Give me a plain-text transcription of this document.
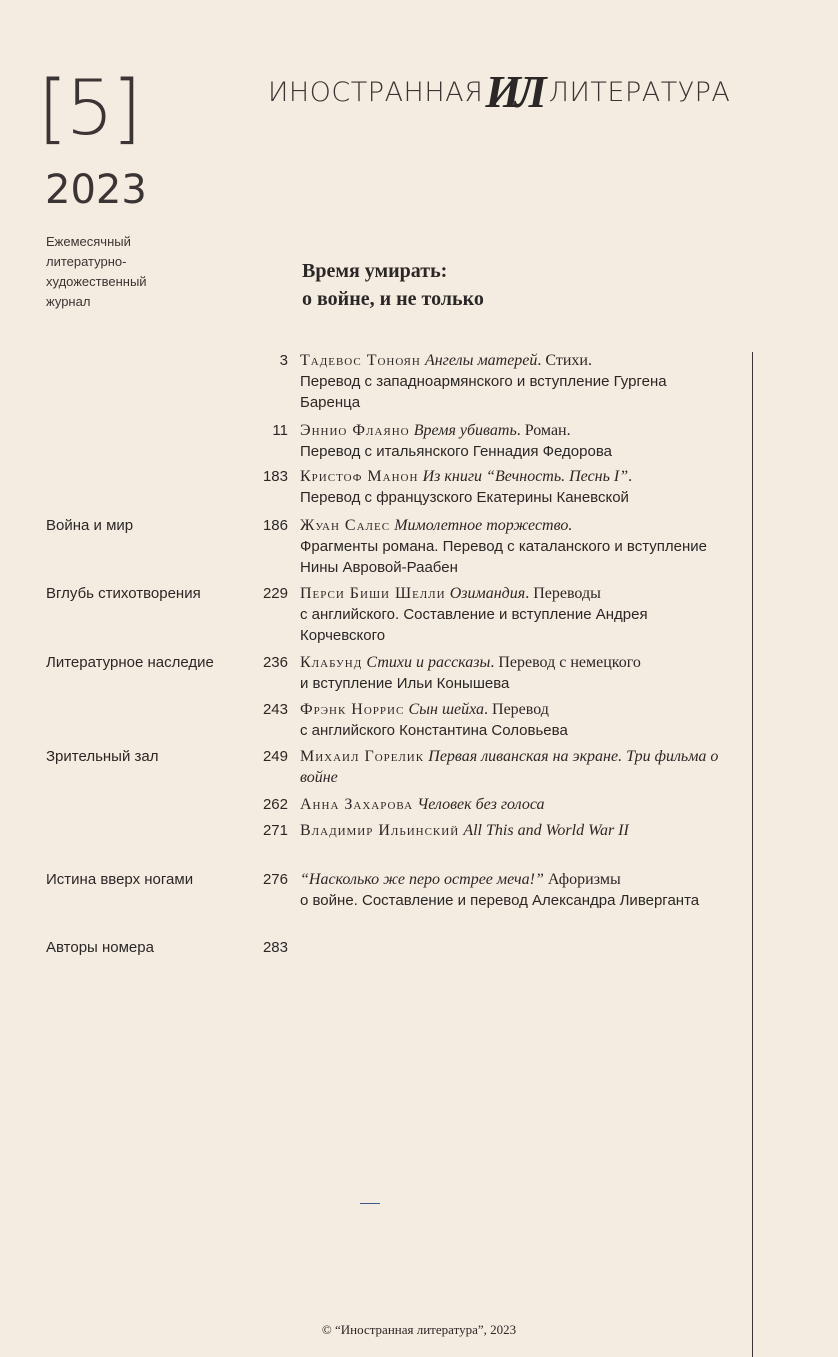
[5]
2023
Ежемесячный
литературно-
художественный
журнал
ИНОСТРАННАЯ ИЛ ЛИТЕРАТУРА
Время умирать:
о войне, и не только
3 Тадевос Тоноян Ангелы матерей. Стихи.
Перевод с западноармянского и вступление Гургена Баренца
11 Эннио Флаяно Время убивать. Роман.
Перевод с итальянского Геннадия Федорова
183 Кристоф Манон Из книги “Вечность. Песнь I”.
Перевод с французского Екатерины Каневской
Война и мир	186 Жуан Салес Мимолетное торжество.
Фрагменты романа. Перевод с каталанского и вступление Нины Авровой-Раабен
Вглубь стихотворения	229 Перси Биши Шелли Озимандия. Переводы
с английского. Составление и вступление Андрея Корчевского
Литературное наследие	236 Клабунд Стихи и рассказы. Перевод с немецкого
и вступление Ильи Конышева
243 Фрэнк Норрис Сын шейха. Перевод
с английского Константина Соловьева
Зрительный зал	249 Михаил Горелик Первая ливанская на экране. Три фильма о войне
262 Анна Захарова Человек без голоса
271 Владимир Ильинский All This and World War II
Истина вверх ногами	276 “Насколько же перо острее меча!” Афоризмы
о войне. Составление и перевод Александра Ливерганта
Авторы номера	283
© “Иностранная литература”, 2023
